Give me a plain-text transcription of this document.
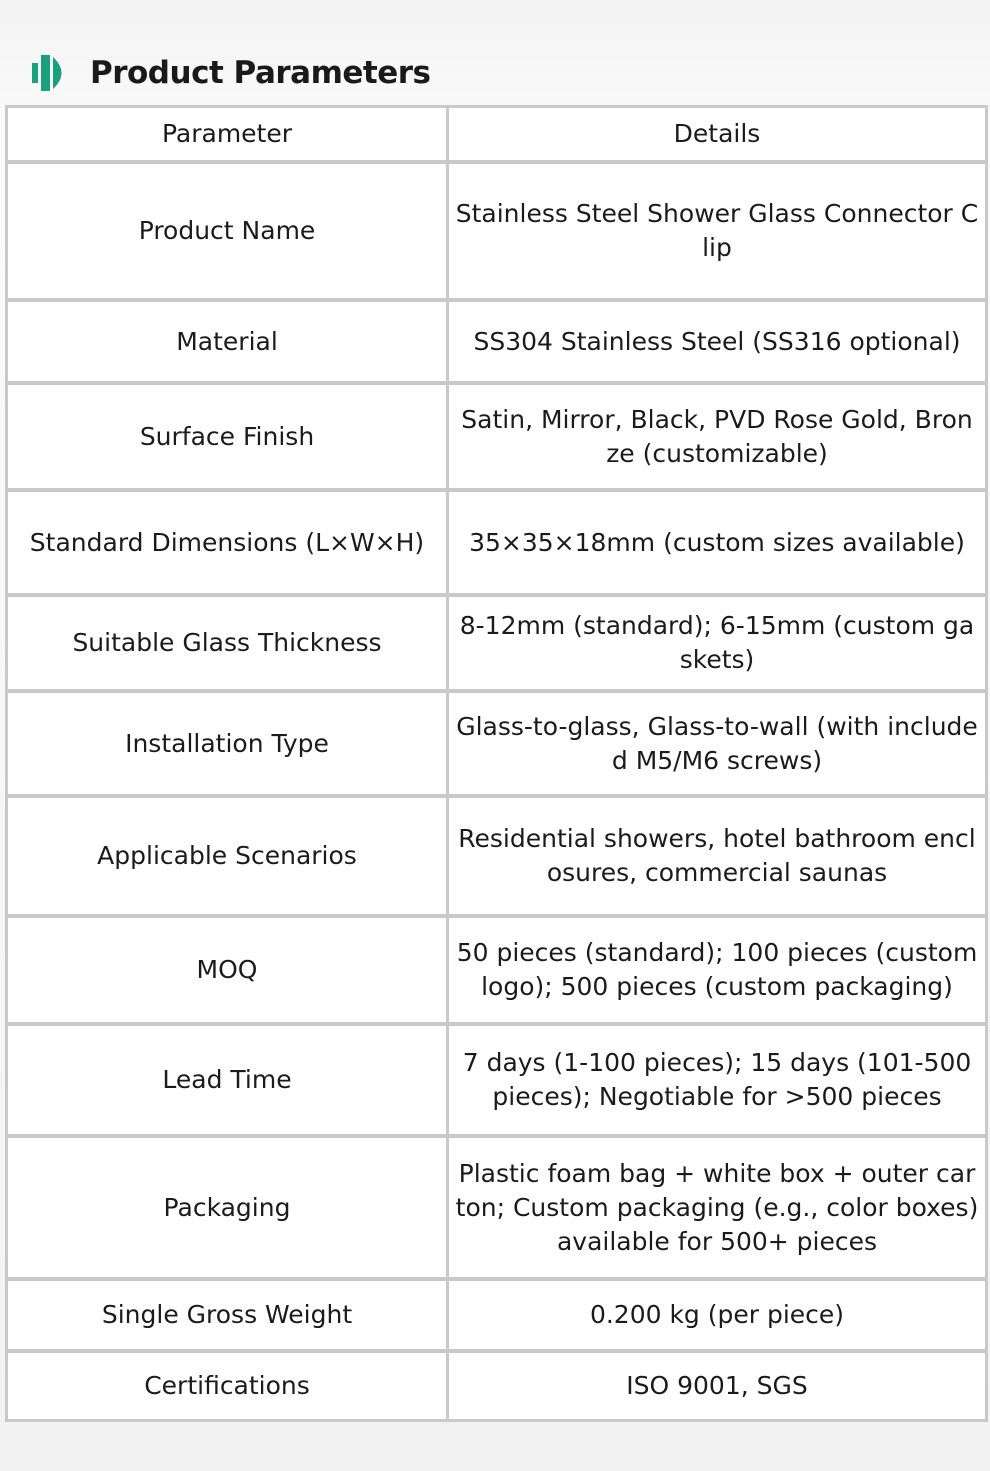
Product Parameters
Parameter	Details
Product Name	Stainless Steel Shower Glass Connector Clip
Material	SS304 Stainless Steel (SS316 optional)
Surface Finish	Satin, Mirror, Black, PVD Rose Gold, Bronze (customizable)
Standard Dimensions (L×W×H)	35×35×18mm (custom sizes available)
Suitable Glass Thickness	8-12mm (standard); 6-15mm (custom gaskets)
Installation Type	Glass-to-glass, Glass-to-wall (with included M5/M6 screws)
Applicable Scenarios	Residential showers, hotel bathroom enclosures, commercial saunas
MOQ	50 pieces (standard); 100 pieces (custom logo); 500 pieces (custom packaging)
Lead Time	7 days (1-100 pieces); 15 days (101-500 pieces); Negotiable for >500 pieces
Packaging	Plastic foam bag + white box + outer carton; Custom packaging (e.g., color boxes) available for 500+ pieces
Single Gross Weight	0.200 kg (per piece)
Certifications	ISO 9001, SGS
